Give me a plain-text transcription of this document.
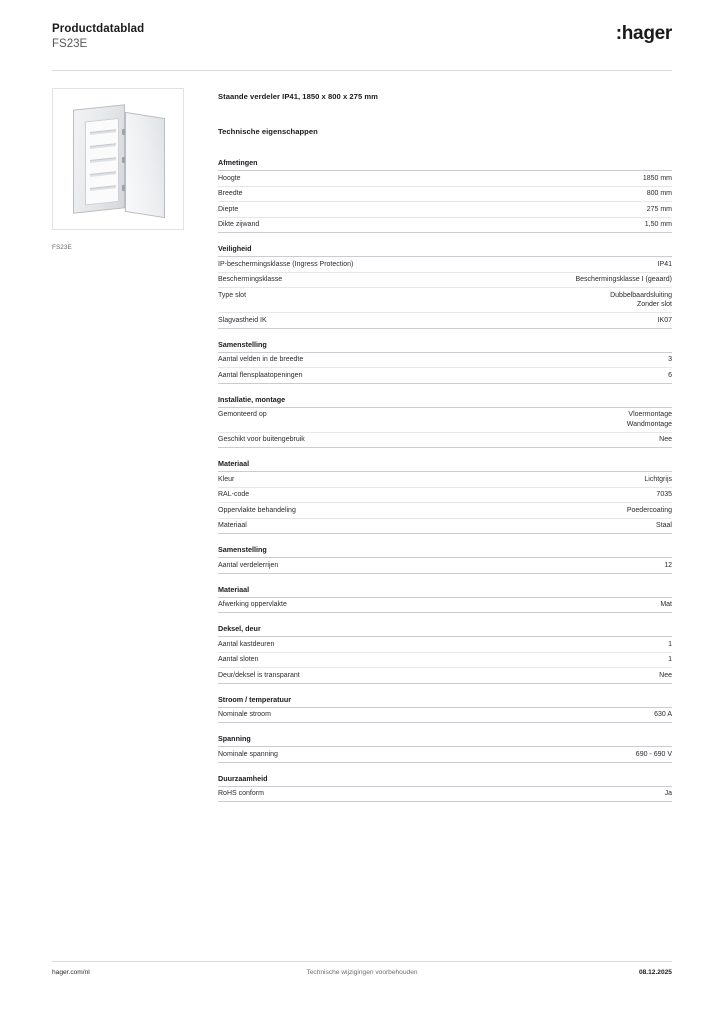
Productdatablad
FS23E	:hager
FS23E
Staande verdeler IP41, 1850 x 800 x 275 mm
Technische eigenschappen
Afmetingen
Hoogte	1850 mm
Breedte	800 mm
Diepte	275 mm
Dikte zijwand	1,50 mm
Veiligheid
IP-beschermingsklasse (Ingress Protection)	IP41
Beschermingsklasse	Beschermingsklasse I (geaard)
Type slot	Dubbelbaardsluiting
Zonder slot
Slagvastheid IK	IK07
Samenstelling
Aantal velden in de breedte	3
Aantal flensplaatopeningen	6
Installatie, montage
Gemonteerd op	Vloermontage
Wandmontage
Geschikt voor buitengebruik	Nee
Materiaal
Kleur	Lichtgrijs
RAL-code	7035
Oppervlakte behandeling	Poedercoating
Materiaal	Staal
Samenstelling
Aantal verdelerrijen	12
Materiaal
Afwerking oppervlakte	Mat
Deksel, deur
Aantal kastdeuren	1
Aantal sloten	1
Deur/deksel is transparant	Nee
Stroom / temperatuur
Nominale stroom	630 A
Spanning
Nominale spanning	690 - 690 V
Duurzaamheid
RoHS conform	Ja
hager.com/nl	Technische wijzigingen voorbehouden	08.12.2025
